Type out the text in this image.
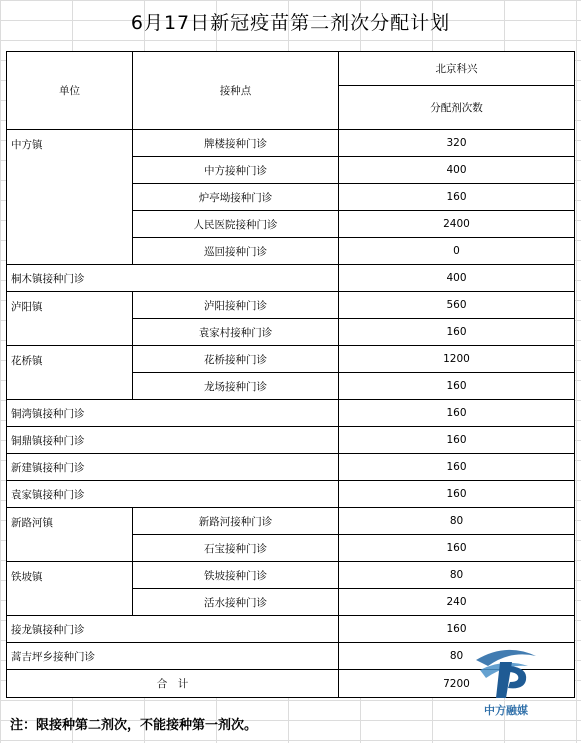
6月17日新冠疫苗第二剂次分配计划
单位	接种点	北京科兴
		分配剂次数
中方镇	牌楼接种门诊	320
	中方接种门诊	400
	炉亭坳接种门诊	160
	人民医院接种门诊	2400
	巡回接种门诊	0
桐木镇接种门诊		400
泸阳镇	泸阳接种门诊	560
	袁家村接种门诊	160
花桥镇	花桥接种门诊	1200
	龙场接种门诊	160
铜湾镇接种门诊		160
铜鼎镇接种门诊		160
新建镇接种门诊		160
袁家镇接种门诊		160
新路河镇	新路河接种门诊	80
	石宝接种门诊	160
铁坡镇	铁坡接种门诊	80
	活水接种门诊	240
接龙镇接种门诊		160
蒿吉坪乡接种门诊		80
合　计		7200
注：限接种第二剂次，不能接种第一剂次。
中方融媒
